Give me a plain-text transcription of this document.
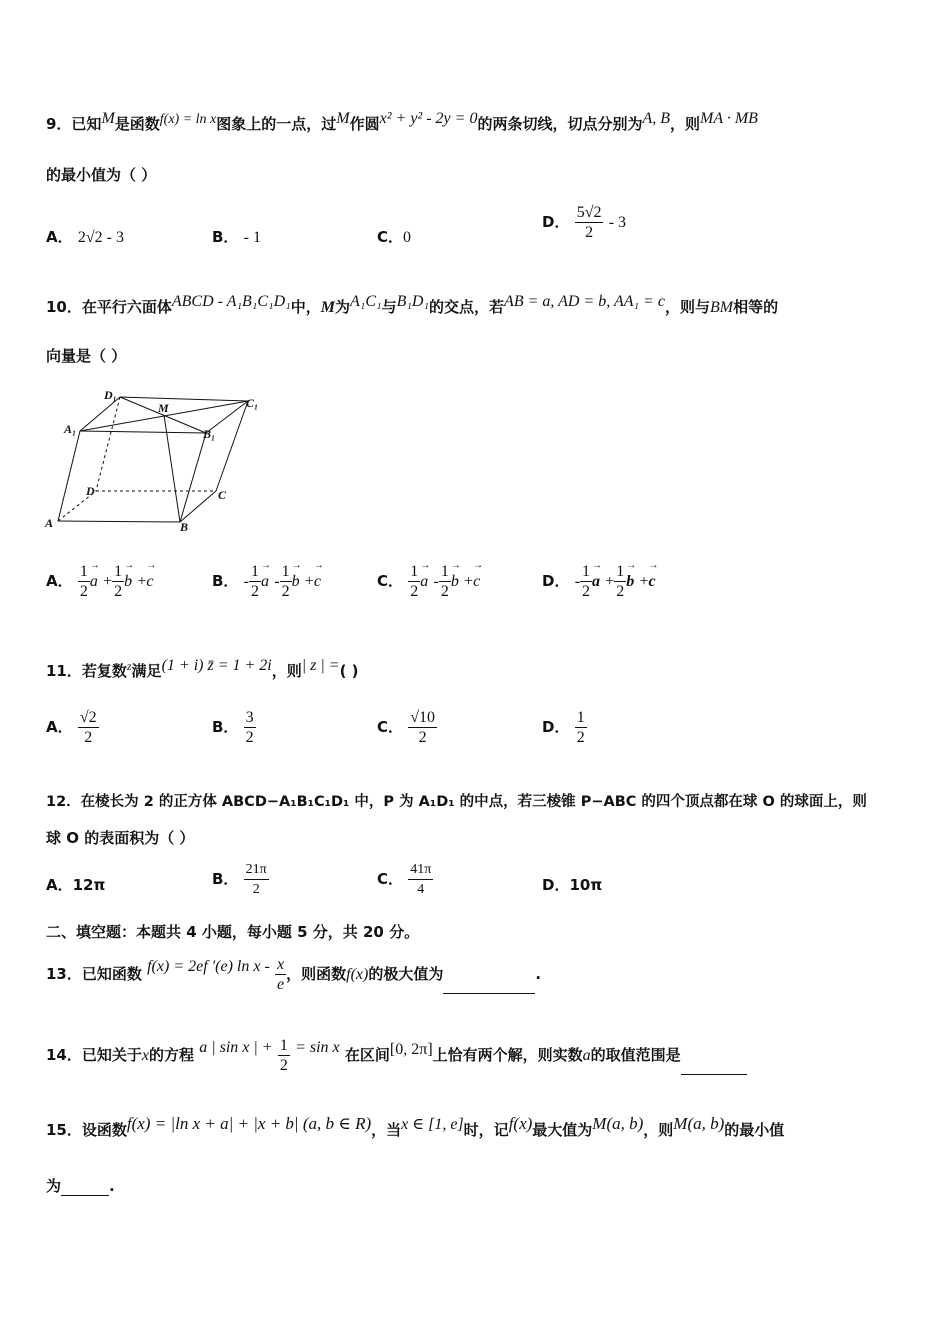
9．已知M是函数f(x) = ln x图象上的一点，过M作圆x² + y² - 2y = 0的两条切线，切点分别为A, B，则MA · MB
的最小值为（ ）
A． 2√2 - 3	B． - 1	C．0
D． $\frac{5√2}{2} - 3$
10．在平行六面体ABCD - A₁B₁C₁D₁中，M为A₁C₁与B₁D₁的交点，若AB = a, AD = b, AA₁ = c，则与BM相等的
向量是（ ）
D₁
M	C₁
A₁	B₁
D	C
A	B
A． $\frac{1}{2}$
→ $a + \frac{1}{2}$
→ b +→ c	B． - $\frac{1}{2}$
→ a - $\frac{1}{2}$
→ b +→ c	C． $\frac{1}{2}$
→ a - $\frac{1}{2}$
→ b +→ c	D． - $\frac{1}{2}$
→ $a + \frac{1}{2}$
→ b +→ c
11．若复数$^z$满足(1 + i) z̄ = 1 + 2i，则| z | =( )
A． $\frac{√2}{2}$	B． $\frac{3}{2}$	C． $\frac{√10}{2}$	D． $\frac{1}{2}$
12．在棱长为 2 的正方体 ABCD−A₁B₁C₁D₁ 中，P 为 A₁D₁ 的中点，若三棱锥 P−ABC 的四个顶点都在球 O 的球面上，则
球 O 的表面积为（ ）
A．12π	B． $\frac{21\pi}{2}$	C． $\frac{41\pi}{4}$	D．10π
二、填空题：本题共 4 小题，每小题 5 分，共 20 分。
13．已知函数 f(x) = 2ef ′(e) ln x - $\frac{x}{e}$ ，则函数f(x)的极大值为	.
14．已知关于x的方程 a | sin x | + $\frac{1}{2} = \sin x$ 在区间[0, 2π]上恰有两个解，则实数a的取值范围是
15．设函数f(x) = |ln x + a| + |x + b| (a, b ∈ R)，当x ∈ [1, e]时，记f(x)最大值为M(a, b)，则M(a, b)的最小值
为	.
